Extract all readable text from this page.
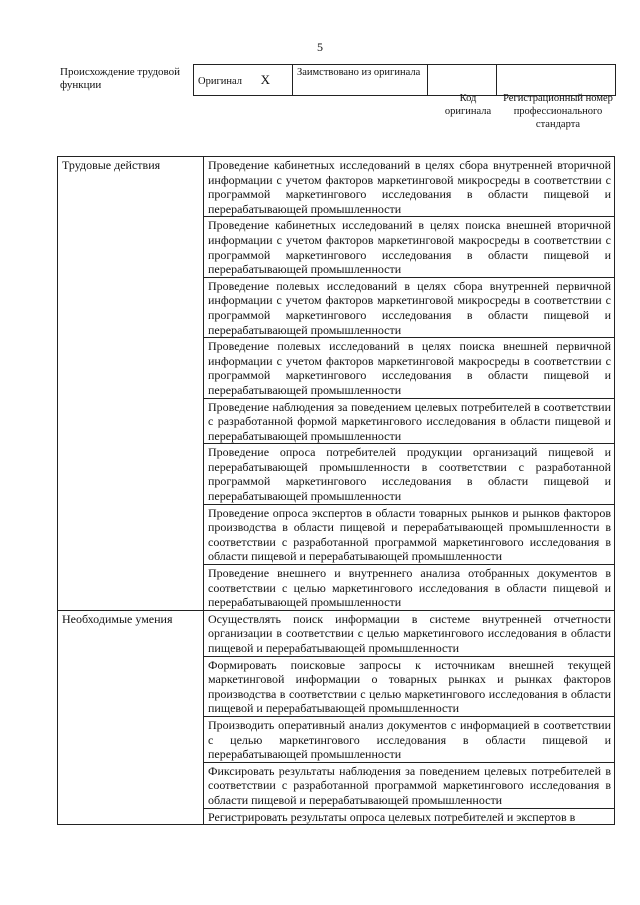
5
Происхождение трудовой функции	Оригинал Х	Заимствовано из оригинала		
Код оригинала
Регистрационный номер профессионального стандарта
Трудовые действия	Проведение кабинетных исследований в целях сбора внутренней вторичной информации с учетом факторов маркетинговой микросреды в соответствии с программой маркетингового исследования в области пищевой и перерабатывающей промышленности
	Проведение кабинетных исследований в целях поиска внешней вторичной информации с учетом факторов маркетинговой макросреды в соответствии с программой маркетингового исследования в области пищевой и перерабатывающей промышленности
	Проведение полевых исследований в целях сбора внутренней первичной информации с учетом факторов маркетинговой микросреды в соответствии с программой маркетингового исследования в области пищевой и перерабатывающей промышленности
	Проведение полевых исследований в целях поиска внешней первичной информации с учетом факторов маркетинговой макросреды в соответствии с программой маркетингового исследования в области пищевой и перерабатывающей промышленности
	Проведение наблюдения за поведением целевых потребителей в соответствии с разработанной формой маркетингового исследования в области пищевой и перерабатывающей промышленности
	Проведение опроса потребителей продукции организаций пищевой и перерабатывающей промышленности в соответствии с разработанной программой маркетингового исследования в области пищевой и перерабатывающей промышленности
	Проведение опроса экспертов в области товарных рынков и рынков факторов производства в области пищевой и перерабатывающей промышленности в соответствии с разработанной программой маркетингового исследования в области пищевой и перерабатывающей промышленности
	Проведение внешнего и внутреннего анализа отобранных документов в соответствии с целью маркетингового исследования в области пищевой и перерабатывающей промышленности
Необходимые умения	Осуществлять поиск информации в системе внутренней отчетности организации в соответствии с целью маркетингового исследования в области пищевой и перерабатывающей промышленности
	Формировать поисковые запросы к источникам внешней текущей маркетинговой информации о товарных рынках и рынках факторов производства в соответствии с целью маркетингового исследования в области пищевой и перерабатывающей промышленности
	Производить оперативный анализ документов с информацией в соответствии с целью маркетингового исследования в области пищевой и перерабатывающей промышленности
	Фиксировать результаты наблюдения за поведением целевых потребителей в соответствии с разработанной программой маркетингового исследования в области пищевой и перерабатывающей промышленности
	Регистрировать результаты опроса целевых потребителей и экспертов в
